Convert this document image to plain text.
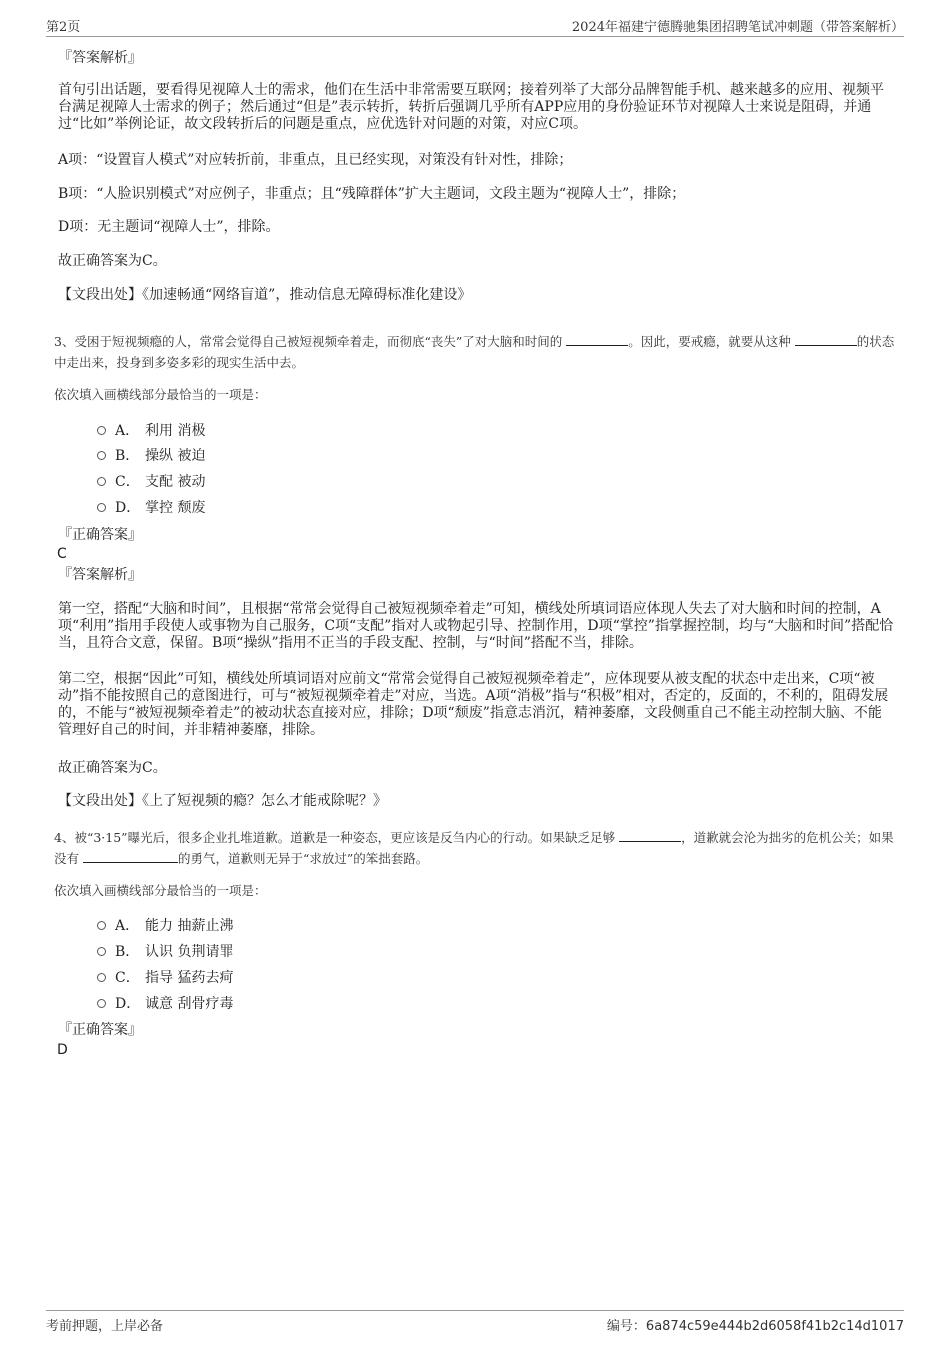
第2页	2024年福建宁德腾驰集团招聘笔试冲刺题（带答案解析）
『答案解析』

首句引出话题，要看得见视障人士的需求，他们在生活中非常需要互联网；接着列举了大部分品牌智能手机、越来越多的应用、视频平台满足视障人士需求的例子；然后通过“但是”表示转折，转折后强调几乎所有APP应用的身份验证环节对视障人士来说是阻碍，并通过“比如”举例论证，故文段转折后的问题是重点，应优选针对问题的对策，对应C项。

A项：“设置盲人模式”对应转折前，非重点，且已经实现，对策没有针对性，排除；

B项：“人脸识别模式”对应例子，非重点；且“残障群体”扩大主题词，文段主题为“视障人士”，排除；

D项：无主题词“视障人士”，排除。

故正确答案为C。

【文段出处】《加速畅通“网络盲道”，推动信息无障碍标准化建设》

3、受困于短视频瘾的人，常常会觉得自己被短视频牵着走，而彻底“丧失”了对大脑和时间的	。因此，要戒瘾，就要从这种	的状态中走出来，投身到多姿多彩的现实生活中去。
依次填入画横线部分最恰当的一项是：
A． 利用 消极
B． 操纵 被迫
C． 支配 被动
D． 掌控 颓废
『正确答案』
C
『答案解析』

第一空，搭配“大脑和时间”，且根据“常常会觉得自己被短视频牵着走”可知，横线处所填词语应体现人失去了对大脑和时间的控制，A项“利用”指用手段使人或事物为自己服务，C项“支配”指对人或物起引导、控制作用，D项“掌控”指掌握控制，均与“大脑和时间”搭配恰当，且符合文意，保留。B项“操纵”指用不正当的手段支配、控制，与“时间”搭配不当，排除。

第二空，根据“因此”可知，横线处所填词语对应前文“常常会觉得自己被短视频牵着走”，应体现要从被支配的状态中走出来，C项“被动”指不能按照自己的意图进行，可与“被短视频牵着走”对应，当选。A项“消极”指与“积极”相对，否定的，反面的，不利的，阻碍发展的，不能与“被短视频牵着走”的被动状态直接对应，排除；D项“颓废”指意志消沉，精神萎靡，文段侧重自己不能主动控制大脑、不能管理好自己的时间，并非精神萎靡，排除。

故正确答案为C。

【文段出处】《上了短视频的瘾？怎么才能戒除呢？》

4、被“3·15”曝光后，很多企业扎堆道歉。道歉是一种姿态，更应该是反刍内心的行动。如果缺乏足够	，道歉就会沦为拙劣的危机公关；如果没有	的勇气，道歉则无异于“求放过”的笨拙套路。
依次填入画横线部分最恰当的一项是：
A． 能力 抽薪止沸
B． 认识 负荆请罪
C． 指导 猛药去疴
D． 诚意 刮骨疗毒
『正确答案』
D
考前押题，上岸必备	编号：6a874c59e444b2d6058f41b2c14d1017
